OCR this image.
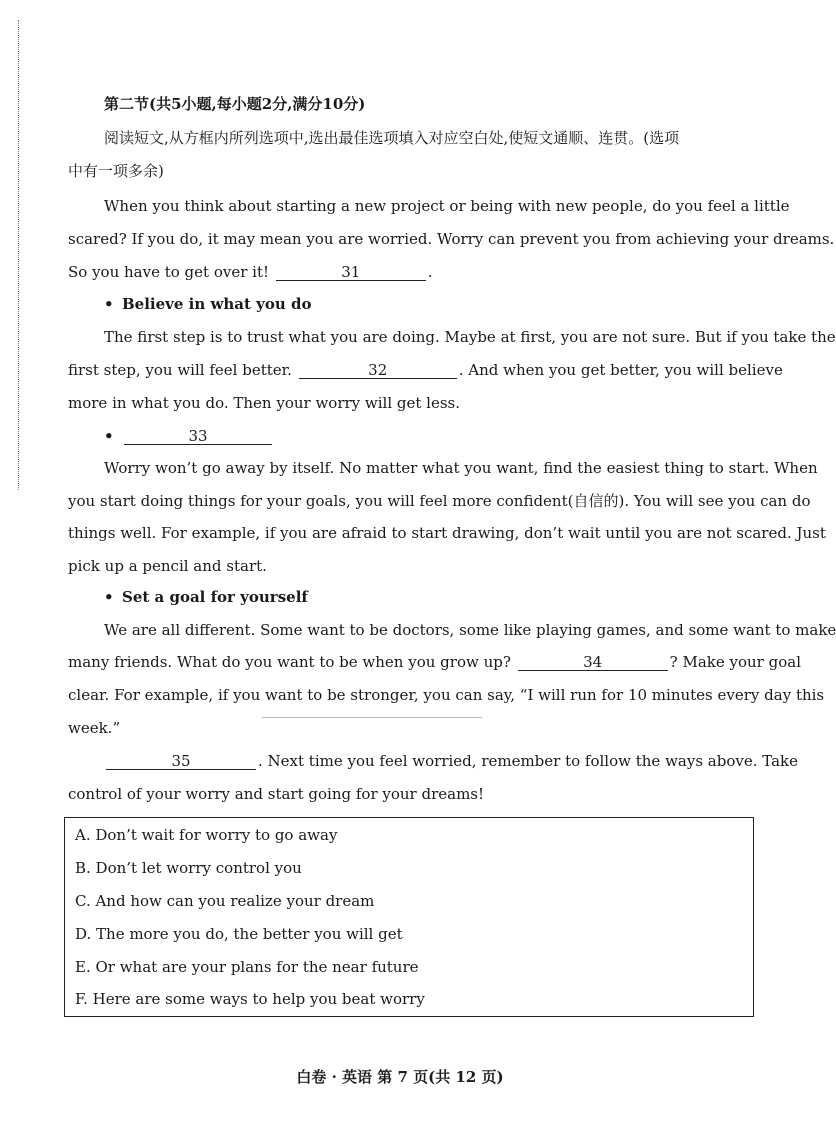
第二节(共5小题,每小题2分,满分10分)
阅读短文,从方框内所列选项中,选出最佳选项填入对应空白处,使短文通顺、连贯。(选项
中有一项多余)
When you think about starting a new project or being with new people, do you feel a little
scared? If you do, it may mean you are worried. Worry can prevent you from achieving your dreams.
So you have to get over it!	31	.
• Believe in what you do
The first step is to trust what you are doing. Maybe at first, you are not sure. But if you take the
first step, you will feel better.	32	. And when you get better, you will believe
more in what you do. Then your worry will get less.
•	33
Worry won’t go away by itself. No matter what you want, find the easiest thing to start. When
you start doing things for your goals, you will feel more confident(自信的). You will see you can do
things well. For example, if you are afraid to start drawing, don’t wait until you are not scared. Just
pick up a pencil and start.
• Set a goal for yourself
We are all different. Some want to be doctors, some like playing games, and some want to make
many friends. What do you want to be when you grow up?	34	? Make your goal
clear. For example, if you want to be stronger, you can say, “I will run for 10 minutes every day this
week.”
35	. Next time you feel worried, remember to follow the ways above. Take
control of your worry and start going for your dreams!
A. Don’t wait for worry to go away
B. Don’t let worry control you
C. And how can you realize your dream
D. The more you do, the better you will get
E. Or what are your plans for the near future
F. Here are some ways to help you beat worry
白卷 · 英语 第 7 页(共 12 页)
